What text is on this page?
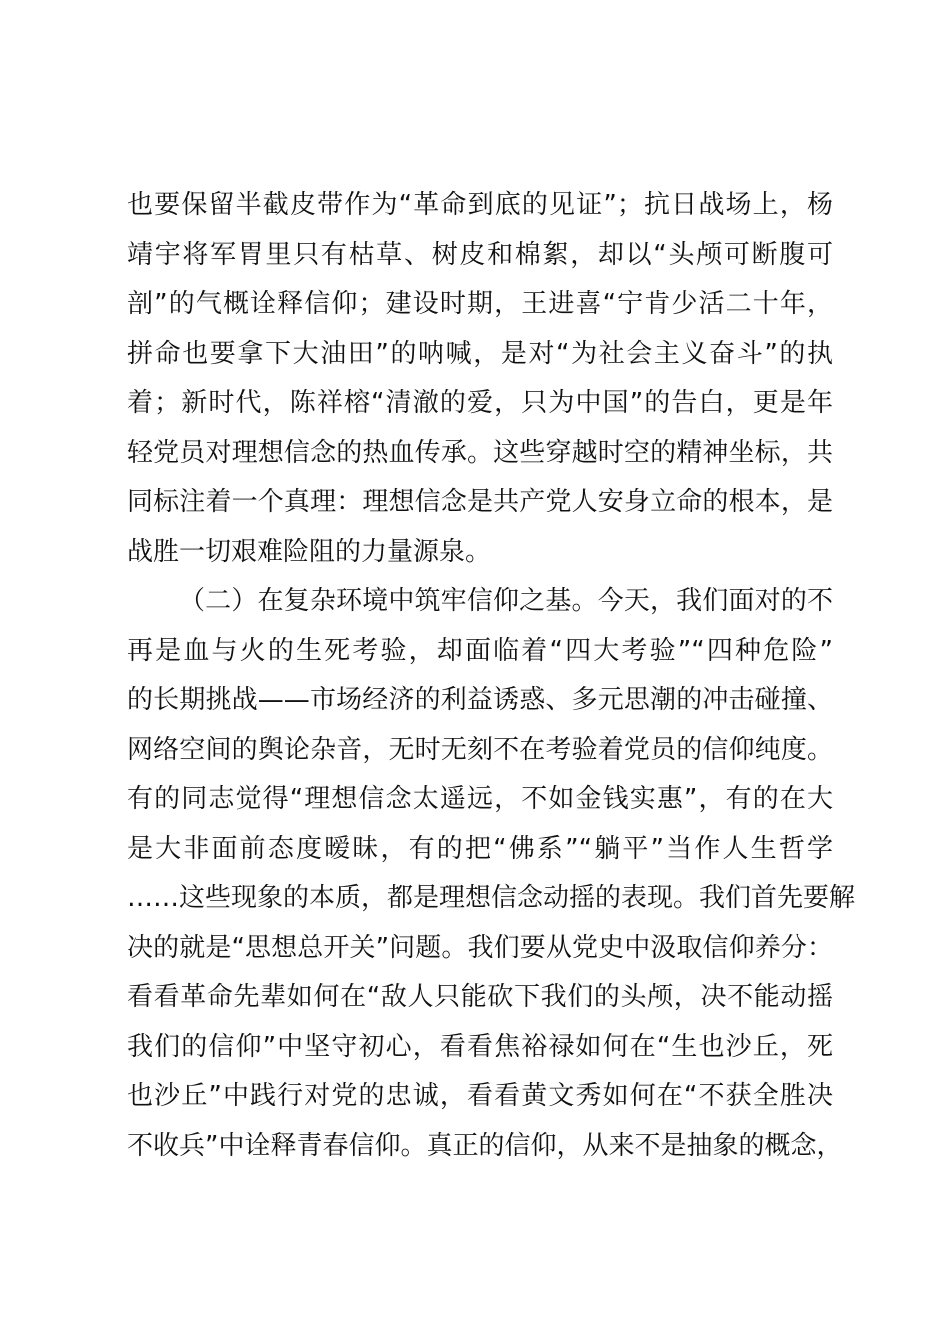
也要保留半截皮带作为“革命到底的见证”；抗日战场上，杨
靖宇将军胃里只有枯草、树皮和棉絮，却以“头颅可断腹可
剖”的气概诠释信仰；建设时期，王进喜“宁肯少活二十年，
拼命也要拿下大油田”的呐喊，是对“为社会主义奋斗”的执
着；新时代，陈祥榕“清澈的爱，只为中国”的告白，更是年
轻党员对理想信念的热血传承。这些穿越时空的精神坐标，共
同标注着一个真理：理想信念是共产党人安身立命的根本，是
战胜一切艰难险阻的力量源泉。
（二）在复杂环境中筑牢信仰之基。今天，我们面对的不
再是血与火的生死考验，却面临着“四大考验”“四种危险”
的长期挑战——市场经济的利益诱惑、多元思潮的冲击碰撞、
网络空间的舆论杂音，无时无刻不在考验着党员的信仰纯度。
有的同志觉得“理想信念太遥远，不如金钱实惠”，有的在大
是大非面前态度暧昧，有的把“佛系”“躺平”当作人生哲学
……这些现象的本质，都是理想信念动摇的表现。我们首先要解
决的就是“思想总开关”问题。我们要从党史中汲取信仰养分：
看看革命先辈如何在“敌人只能砍下我们的头颅，决不能动摇
我们的信仰”中坚守初心，看看焦裕禄如何在“生也沙丘，死
也沙丘”中践行对党的忠诚，看看黄文秀如何在“不获全胜决
不收兵”中诠释青春信仰。真正的信仰，从来不是抽象的概念，
